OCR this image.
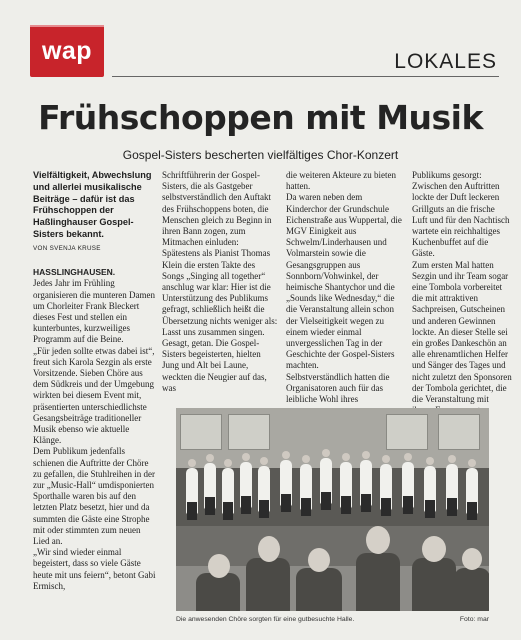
wap	LOKALES
Frühschoppen mit Musik
Gospel-Sisters bescherten vielfältiges Chor-Konzert
Vielfältigkeit, Abwechslung und allerlei musikalische Beiträge – dafür ist das Frühschoppen der Haßlinghauser Gospel-Sisters bekannt.
VON SVENJA KRUSE

HASSLINGHAUSEN.
Jedes Jahr im Frühling organisieren die munteren Damen um Chorleiter Frank Bleckert dieses Fest und stellen ein kunterbuntes, kurzweiliges Programm auf die Beine.
„Für jeden sollte etwas dabei ist“, freut sich Karola Sezgin als erste Vorsitzende. Sieben Chöre aus dem Südkreis und der Umgebung wirkten bei diesem Event mit, präsentierten unterschiedlichste Gesangsbeiträge traditioneller Musik ebenso wie aktuelle Klänge.
Dem Publikum jedenfalls schienen die Auftritte der Chöre zu gefallen, die Stuhlreihen in der zur „Music-Hall“ umdisponierten Sporthalle waren bis auf den letzten Platz besetzt, hier und da summten die Gäste eine Strophe mit oder stimmten zum neuen Lied an.
„Wir sind wieder einmal begeistert, dass so viele Gäste heute mit uns feiern“, betont Gabi Ermisch,

Schriftführerin der Gospel-Sisters, die als Gastgeber selbstverständlich den Auftakt des Frühschoppens boten, die Menschen gleich zu Beginn in ihren Bann zogen, zum Mitmachen einluden:
Spätestens als Pianist Thomas Klein die ersten Takte des Songs „Singing all together“ anschlug war klar: Hier ist die Unterstützung des Publikums gefragt, schließlich heißt die Übersetzung nichts weniger als: Lasst uns zusammen singen. Gesagt, getan. Die Gospel-Sisters begeisterten, hielten Jung und Alt bei Laune, weckten die Neugier auf das, was
die weiteren Akteure zu bieten hatten.
Da waren neben dem Kinderchor der Grundschule Eichenstraße aus Wuppertal, die MGV Einigkeit aus Schwelm/Linderhausen und Volmarstein sowie die Gesangsgruppen aus Sonnborn/Vohwinkel, der heimische Shantychor und die „Sounds like Wednesday,“ die die Veranstaltung allein schon der Vielseitigkeit wegen zu einem wieder einmal unvergesslichen Tag in der Geschichte der Gospel-Sisters machten.
Selbstverständlich hatten die Organisatoren auch für das leibliche Wohl ihres
Publikums gesorgt: Zwischen den Auftritten lockte der Duft leckeren Grillguts an die frische Luft und für den Nachtisch wartete ein reichhaltiges Kuchenbuffet auf die Gäste.
Zum ersten Mal hatten Sezgin und ihr Team sogar eine Tombola vorbereitet die mit attraktiven Sachpreisen, Gutscheinen und anderen Gewinnen lockte. An dieser Stelle sei ein großes Dankeschön an alle ehrenamtlichen Helfer und Sänger des Tages und nicht zuletzt den Sponsoren der Tombola gerichtet, die die Veranstaltung mit
Die anwesenden Chöre sorgten für eine gutbesuchte Halle.	Foto: mar
